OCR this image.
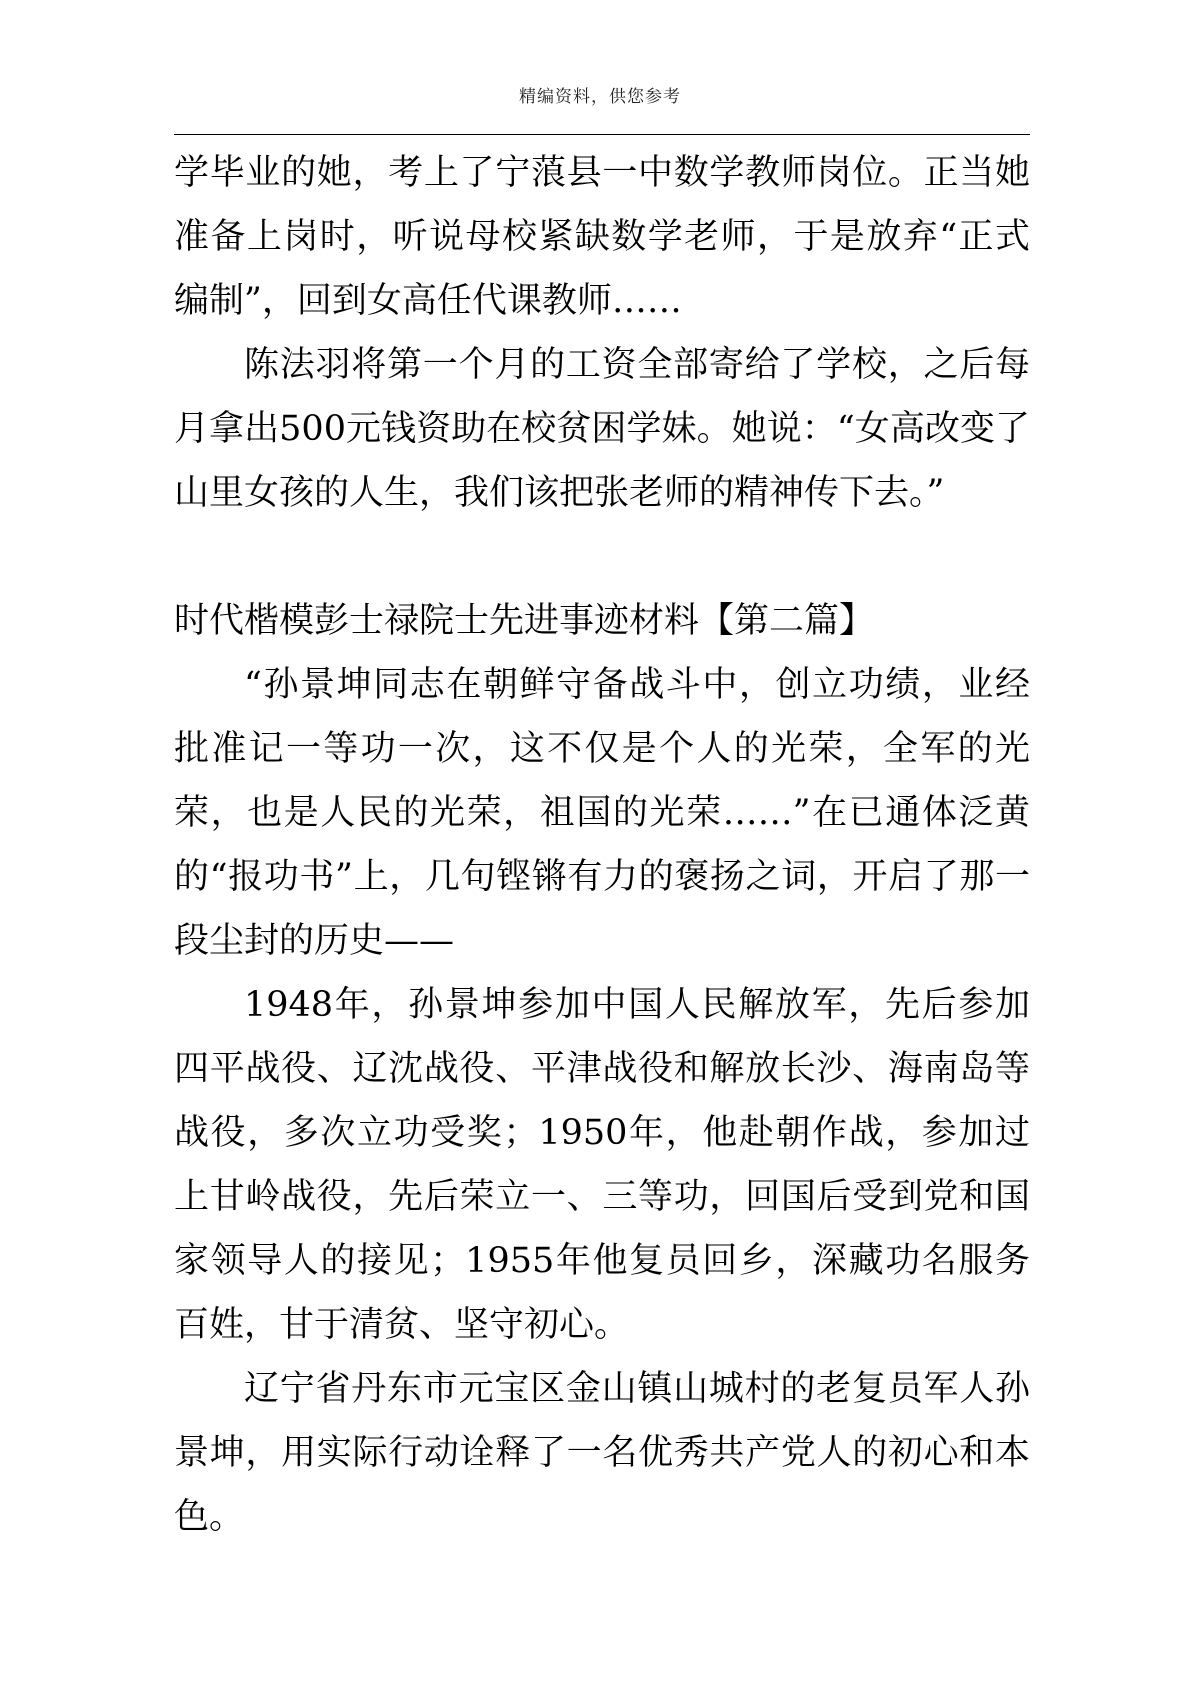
精编资料，供您参考

学毕业的她，考上了宁蒗县一中数学教师岗位。正当她准备上岗时，听说母校紧缺数学老师，于是放弃“正式编制”，回到女高任代课教师……

陈法羽将第一个月的工资全部寄给了学校，之后每月拿出500元钱资助在校贫困学妹。她说：“女高改变了山里女孩的人生，我们该把张老师的精神传下去。”

时代楷模彭士禄院士先进事迹材料【第二篇】

“孙景坤同志在朝鲜守备战斗中，创立功绩，业经批准记一等功一次，这不仅是个人的光荣，全军的光荣，也是人民的光荣，祖国的光荣……”在已通体泛黄的“报功书”上，几句铿锵有力的褒扬之词，开启了那一段尘封的历史——

1948年，孙景坤参加中国人民解放军，先后参加四平战役、辽沈战役、平津战役和解放长沙、海南岛等战役，多次立功受奖；1950年，他赴朝作战，参加过上甘岭战役，先后荣立一、三等功，回国后受到党和国家领导人的接见；1955年他复员回乡，深藏功名服务百姓，甘于清贫、坚守初心。

辽宁省丹东市元宝区金山镇山城村的老复员军人孙景坤，用实际行动诠释了一名优秀共产党人的初心和本色。
